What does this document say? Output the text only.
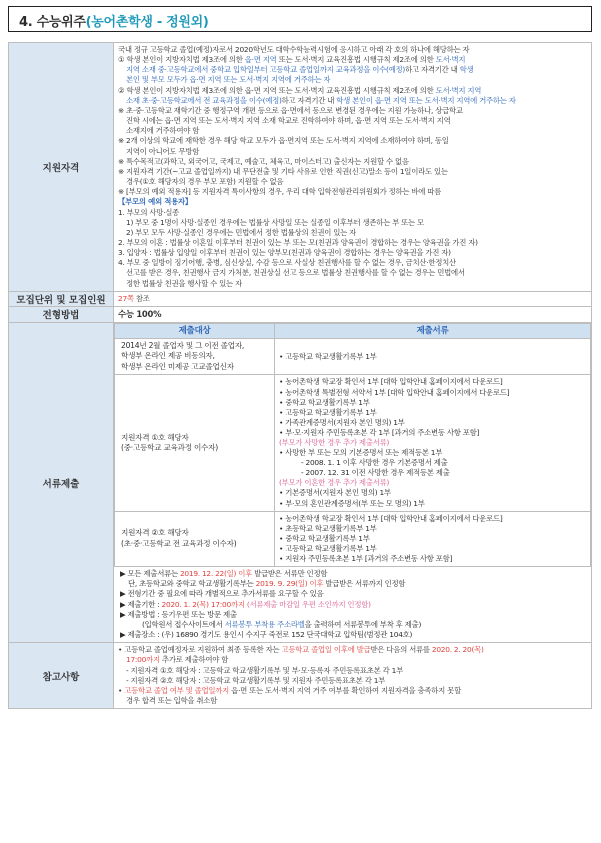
4. 수능위주(농어촌학생 - 정원외)
지원자격	
국내 정규 고등학교 졸업(예정)자로서 2020학년도 대학수학능력시험에 응시하고 아래 각 호의 하나에 해당하는 자
① 학생 본인이 지방자치법 제3조에 의한 읍·면 지역 또는 도서·벽지 교육진흥법 시행규칙 제2조에 의한 도서·벽지
지역 소재 중·고등학교에서 중학교 입학일부터 고등학교 졸업일까지 교육과정을 이수(예정)하고 자격기간 내 학생
본인 및 부모 모두가 읍·면 지역 또는 도서·벽지 지역에 거주하는 자
② 학생 본인이 지방자치법 제3조에 의한 읍·면 지역 또는 도서·벽지 교육진흥법 시행규칙 제2조에 의한 도서·벽지 지역
소재 초·중·고등학교에서 전 교육과정을 이수(예정)하고 자격기간 내 학생 본인이 읍·면 지역 또는 도서·벽지 지역에 거주하는 자
※ 초·중·고등학교 재학기간 중 행정구역 개편 등으로 읍·면에서 동으로 변경된 경우에는 지원 가능하나, 상급학교
진학 시에는 읍·면 지역 또는 도서·벽지 지역 소재 학교로 진학하여야 하며, 읍·면 지역 또는 도서·벽지 지역
소재지에 거주하여야 함
※ 2개 이상의 학교에 재학한 경우 해당 학교 모두가 읍·면지역 또는 도서·벽지 지역에 소재하여야 하며, 동일
지역이 아니어도 무방함
※ 특수목적고(과학고, 외국어고, 국제고, 예술고, 체육고, 마이스터고) 출신자는 지원할 수 없음
※ 지원자격 기간(~고교 졸업일까지) 내 무단전출 및 기타 사유로 인한 직권(신고)말소 등이 1일이라도 있는
경우(①호 해당자의 경우 부모 포함) 지원할 수 없음
※ [부모의 예외 적용자] 등 지원자격 특이사항의 경우, 우리 대학 입학전형관리위원회가 정하는 바에 따름
【부모의 예외 적용자】
1. 부모의 사망·실종
1) 부모 중 1명이 사망·실종인 경우에는 법률상 사망일 또는 실종일 이후부터 생존하는 부 또는 모
2) 부모 모두 사망·실종인 경우에는 민법에서 정한 법률상의 친권이 있는 자
2. 부모의 이혼 : 법률상 이혼일 이후부터 친권이 있는 부 또는 모(친권과 양육권이 경합하는 경우는 양육권을 가진 자)
3. 입양자 : 법률상 입양일 이후부터 친권이 있는 양부모(친권과 양육권이 경합하는 경우는 양육권을 가진 자)
4. 부모 중 일방이 징기어행, 충병, 심신상실, 수감 등으로 사실상 친권행사를 할 수 없는 경우, 금치산·한정치산
선고를 받은 경우, 친권행사 금지 가처분, 친권상실 선고 등으로 법률상 친권행사를 할 수 없는 경우는 민법에서
정한 법률상 친권을 행사할 수 있는 자

모집단위 및 모집인원	27쪽 참조
전형방법	수능 100%
서류제출	
제출대상	제출서류

2014년 2월 졸업자 및 그 이전 졸업자,
학생부 온라인 제공 비동의자,
학생부 온라인 미제공 고교졸업신자

• 고등학교 학교생활기록부 1부

지원자격 ①호 해당자
(중·고등학교 교육과정 이수자)

• 농어촌학생 학교장 확인서 1부 [대학 입학안내 홈페이지에서 다운로드]
• 농어촌학생 특별전형 서약서 1부 [대학 입학안내 홈페이지에서 다운로드]
• 중학교 학교생활기록부 1부
• 고등학교 학교생활기록부 1부
• 가족관계증명서(지원자 본인 명의) 1부
• 부·모·지원자 주민등록초본 각 1부 [과거의 주소변동 사항 포함]
(부모가 사망한 경우 추가 제출서류)
• 사망한 부 또는 모의 기본증명서 또는 제적등본 1부
- 2008. 1. 1 이후 사망한 경우 기본증명서 제출
- 2007. 12. 31 이전 사망한 경우 제적등본 제출
(부모가 이혼한 경우 추가 제출서류)
• 기본증명서(지원자 본인 명의) 1부
• 부·모의 혼인관계증명서(부 또는 모 명의) 1부

지원자격 ②호 해당자
(초·중·고등학교 전 교육과정 이수자)

• 농어촌학생 학교장 확인서 1부 [대학 입학안내 홈페이지에서 다운로드]
• 초등학교 학교생활기록부 1부
• 중학교 학교생활기록부 1부
• 고등학교 학교생활기록부 1부
• 지원자 주민등록초본 1부 [과거의 주소변동 사항 포함]
▶ 모든 제출서류는 2019. 12. 22(일) 이후 발급받은 서류만 인정함
단, 초등학교와 중학교 학교생활기록부는 2019. 9. 29(일) 이후 발급받은 서류까지 인정함
▶ 전형기간 중 필요에 따라 개별적으로 추가서류를 요구할 수 있음
▶ 제출기한 : 2020. 1. 2(목) 17:00까지 (서류제출 마감일 우편 소인까지 인정함)
▶ 제출방법 : 등기우편 또는 방문 제출
(입학원서 접수사이트에서 서류봉투 부착용 주소라벨을 출력하여 서류봉투에 부착 후 제출)
▶ 제출장소 : (우) 16890 경기도 용인시 수지구 죽전로 152 단국대학교 입학팀(범정관 104호)

참고사항	
• 고등학교 졸업예정자로 지원하여 최종 등록한 자는 고등학교 졸업일 이후에 발급받은 다음의 서류를 2020. 2. 20(목)
17:00까지 추가로 제출하여야 함
- 지원자격 ①호 해당자 : 고등학교 학교생활기록부 및 부·모·등록자 주민등록표초본 각 1부
- 지원자격 ②호 해당자 : 고등학교 학교생활기록부 및 지원자 주민등록표초본 각 1부
• 고등학교 졸업 여부 및 졸업일까지 읍·면 또는 도서·벽지 지역 거주 여부를 확인하여 지원자격을 충족하지 못할
경우 합격 또는 입학을 취소함
